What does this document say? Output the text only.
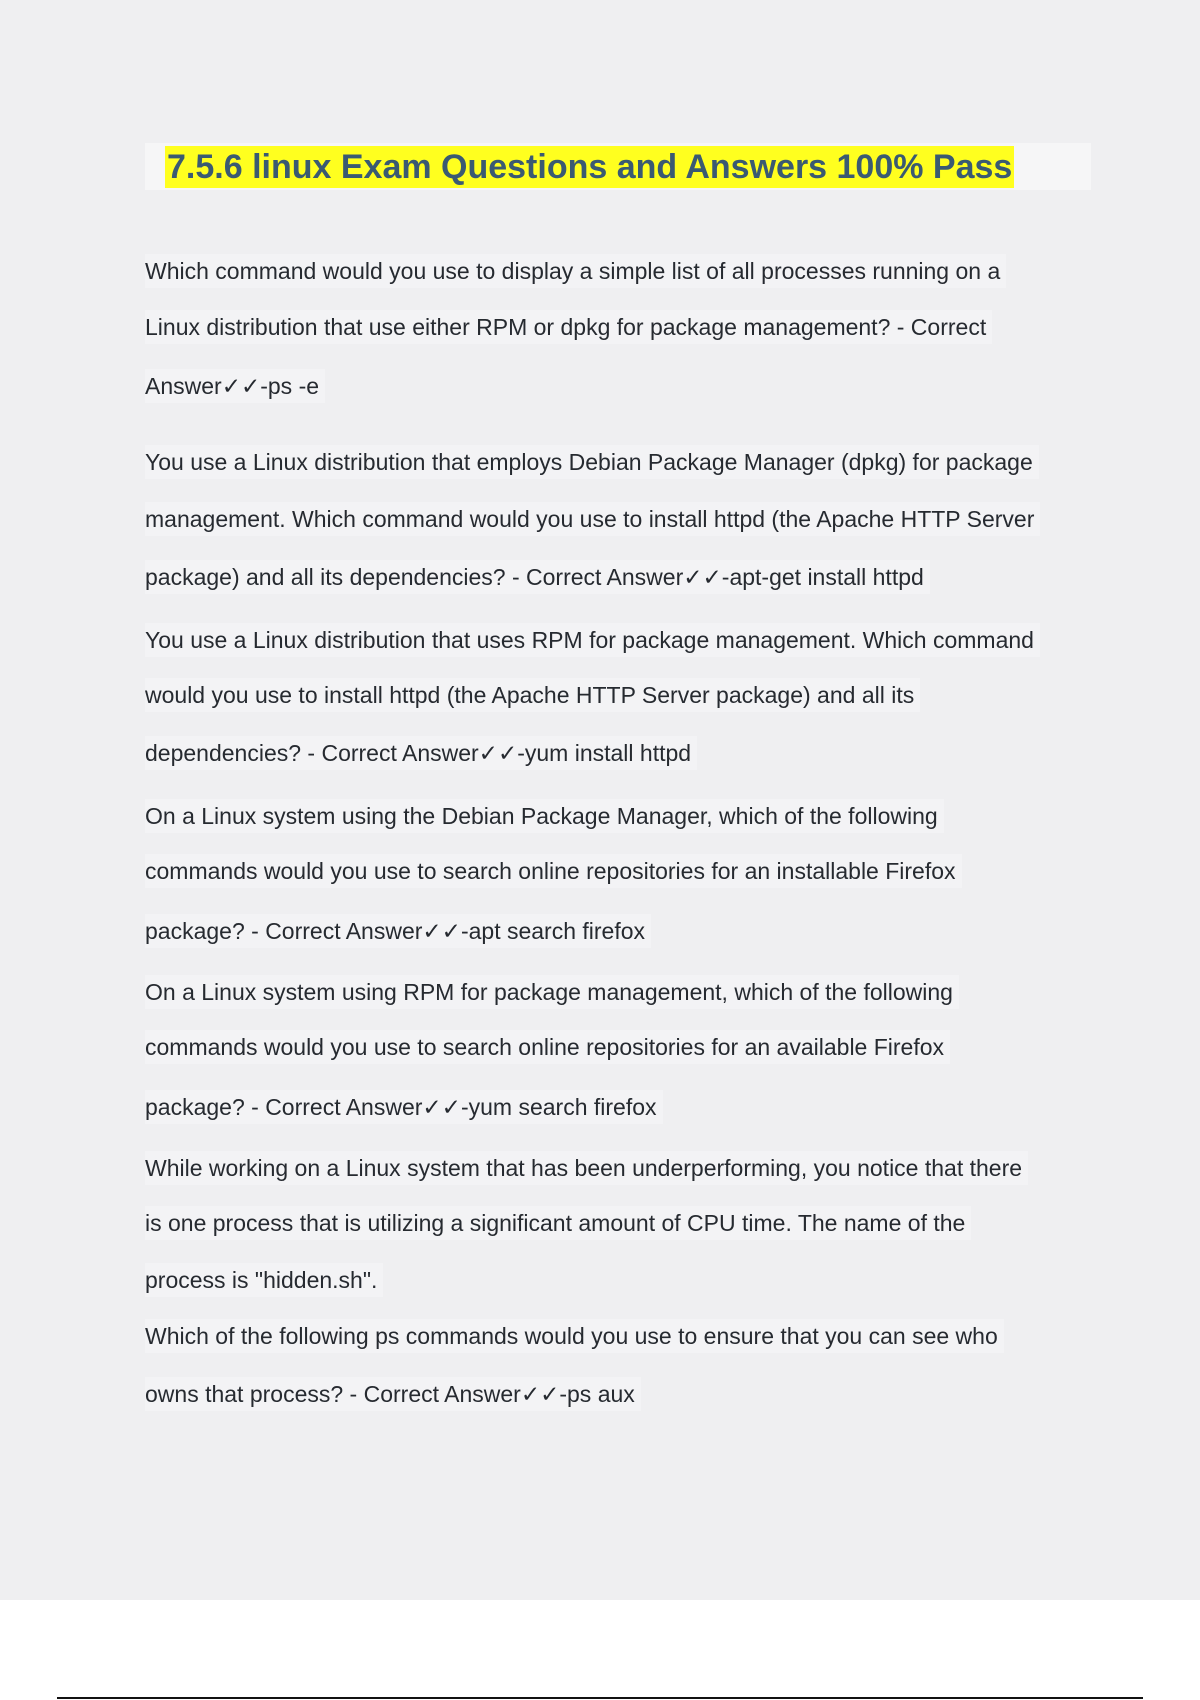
7.5.6 linux Exam Questions and Answers 100% Pass
Which command would you use to display a simple list of all processes running on a
Linux distribution that use either RPM or dpkg for package management? - Correct
Answer✓✓-ps -e
You use a Linux distribution that employs Debian Package Manager (dpkg) for package
management. Which command would you use to install httpd (the Apache HTTP Server
package) and all its dependencies? - Correct Answer✓✓-apt-get install httpd
You use a Linux distribution that uses RPM for package management. Which command
would you use to install httpd (the Apache HTTP Server package) and all its
dependencies? - Correct Answer✓✓-yum install httpd
On a Linux system using the Debian Package Manager, which of the following
commands would you use to search online repositories for an installable Firefox
package? - Correct Answer✓✓-apt search firefox
On a Linux system using RPM for package management, which of the following
commands would you use to search online repositories for an available Firefox
package? - Correct Answer✓✓-yum search firefox
While working on a Linux system that has been underperforming, you notice that there
is one process that is utilizing a significant amount of CPU time. The name of the
process is "hidden.sh".
Which of the following ps commands would you use to ensure that you can see who
owns that process? - Correct Answer✓✓-ps aux
